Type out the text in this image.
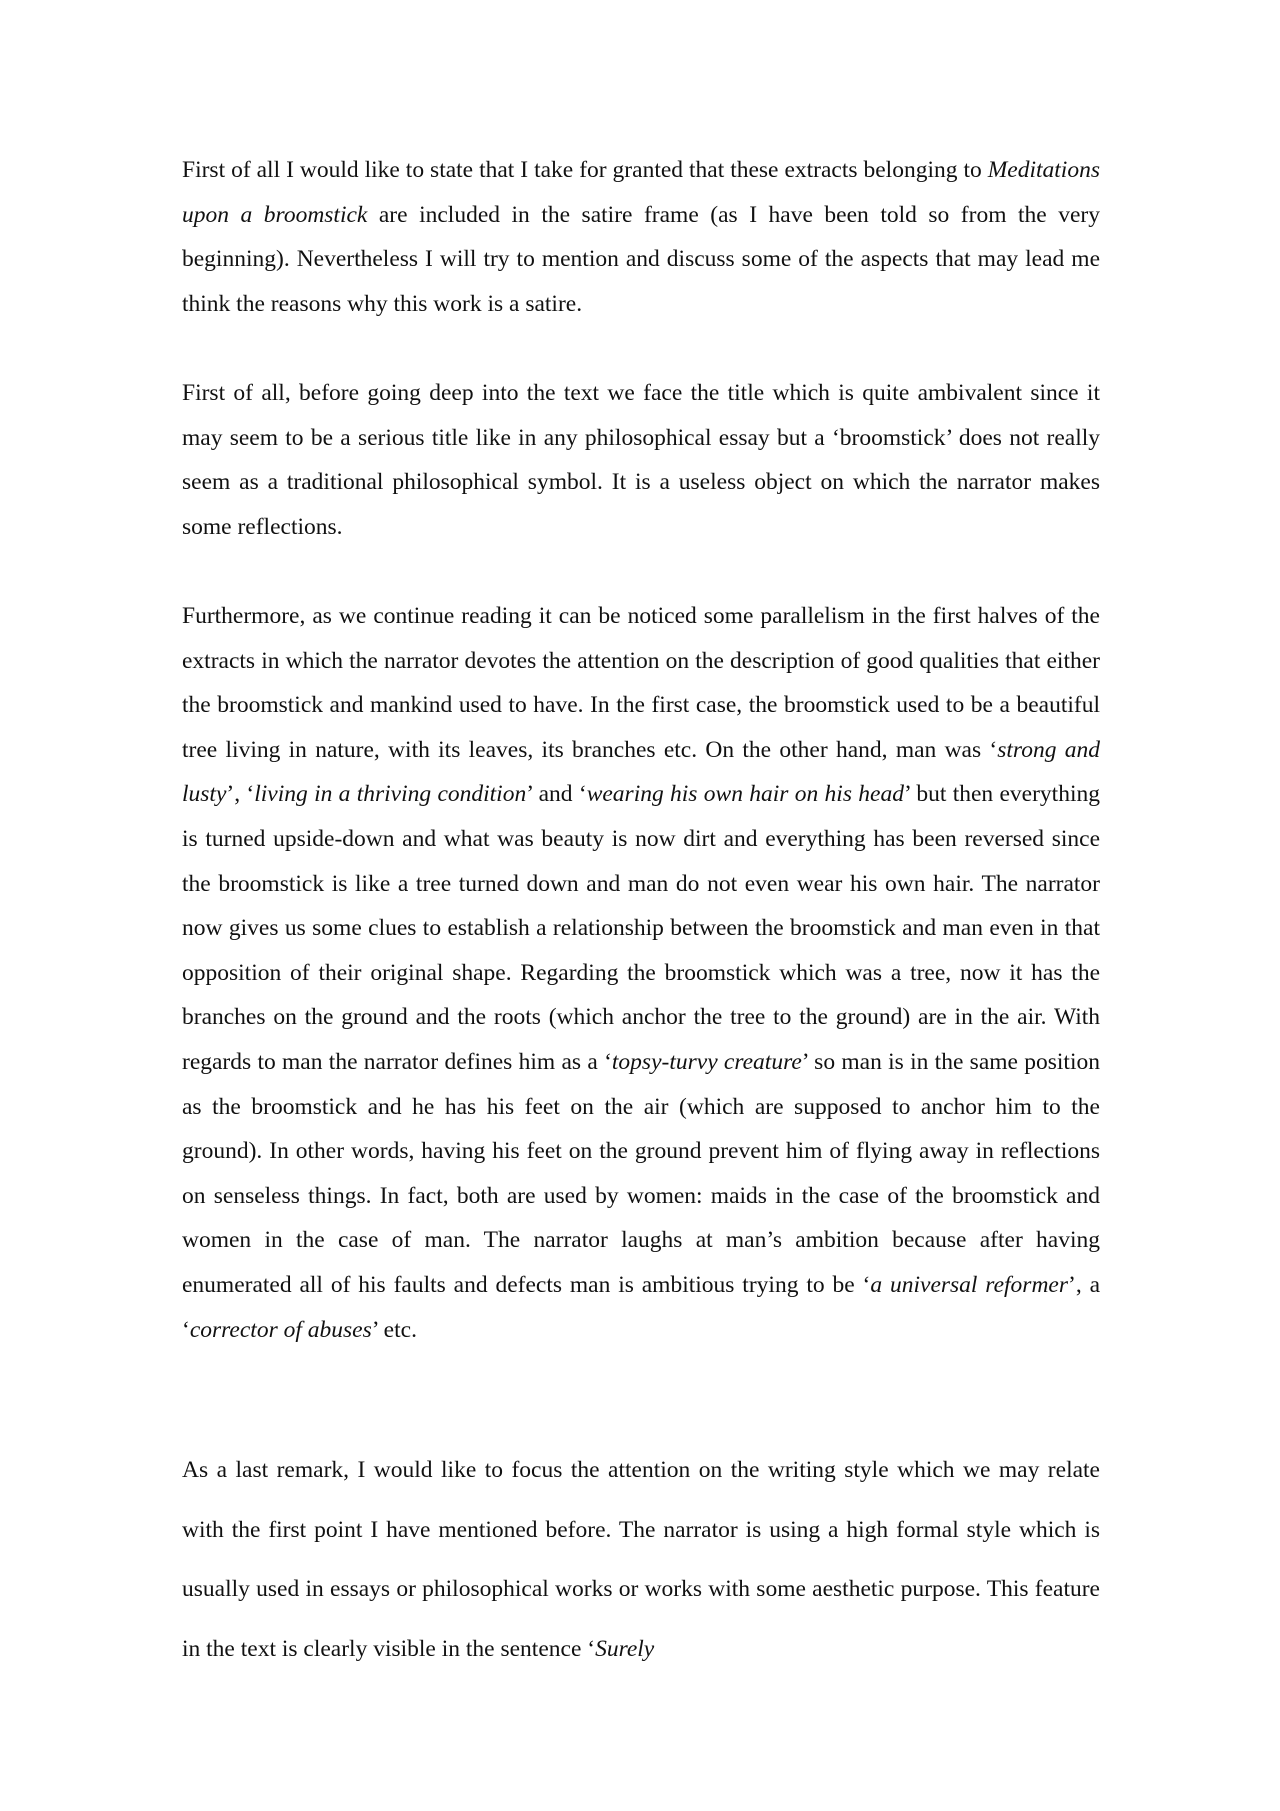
First of all I would like to state that I take for granted that these extracts belonging to Meditations upon a broomstick are included in the satire frame (as I have been told so from the very beginning). Nevertheless I will try to mention and discuss some of the aspects that may lead me think the reasons why this work is a satire.

First of all, before going deep into the text we face the title which is quite ambivalent since it may seem to be a serious title like in any philosophical essay but a ‘broomstick’ does not really seem as a traditional philosophical symbol. It is a useless object on which the narrator makes some reflections.

Furthermore, as we continue reading it can be noticed some parallelism in the first halves of the extracts in which the narrator devotes the attention on the description of good qualities that either the broomstick and mankind used to have. In the first case, the broomstick used to be a beautiful tree living in nature, with its leaves, its branches etc. On the other hand, man was ‘strong and lusty’, ‘living in a thriving condition’ and ‘wearing his own hair on his head’ but then everything is turned upside-down and what was beauty is now dirt and everything has been reversed since the broomstick is like a tree turned down and man do not even wear his own hair. The narrator now gives us some clues to establish a relationship between the broomstick and man even in that opposition of their original shape. Regarding the broomstick which was a tree, now it has the branches on the ground and the roots (which anchor the tree to the ground) are in the air. With regards to man the narrator defines him as a ‘topsy-turvy creature’ so man is in the same position as the broomstick and he has his feet on the air (which are supposed to anchor him to the ground). In other words, having his feet on the ground prevent him of flying away in reflections on senseless things. In fact, both are used by women: maids in the case of the broomstick and women in the case of man. The narrator laughs at man’s ambition because after having enumerated all of his faults and defects man is ambitious trying to be ‘a universal reformer’, a ‘corrector of abuses’ etc.

As a last remark, I would like to focus the attention on the writing style which we may relate with the first point I have mentioned before. The narrator is using a high formal style which is usually used in essays or philosophical works or works with some aesthetic purpose. This feature in the text is clearly visible in the sentence ‘Surely
